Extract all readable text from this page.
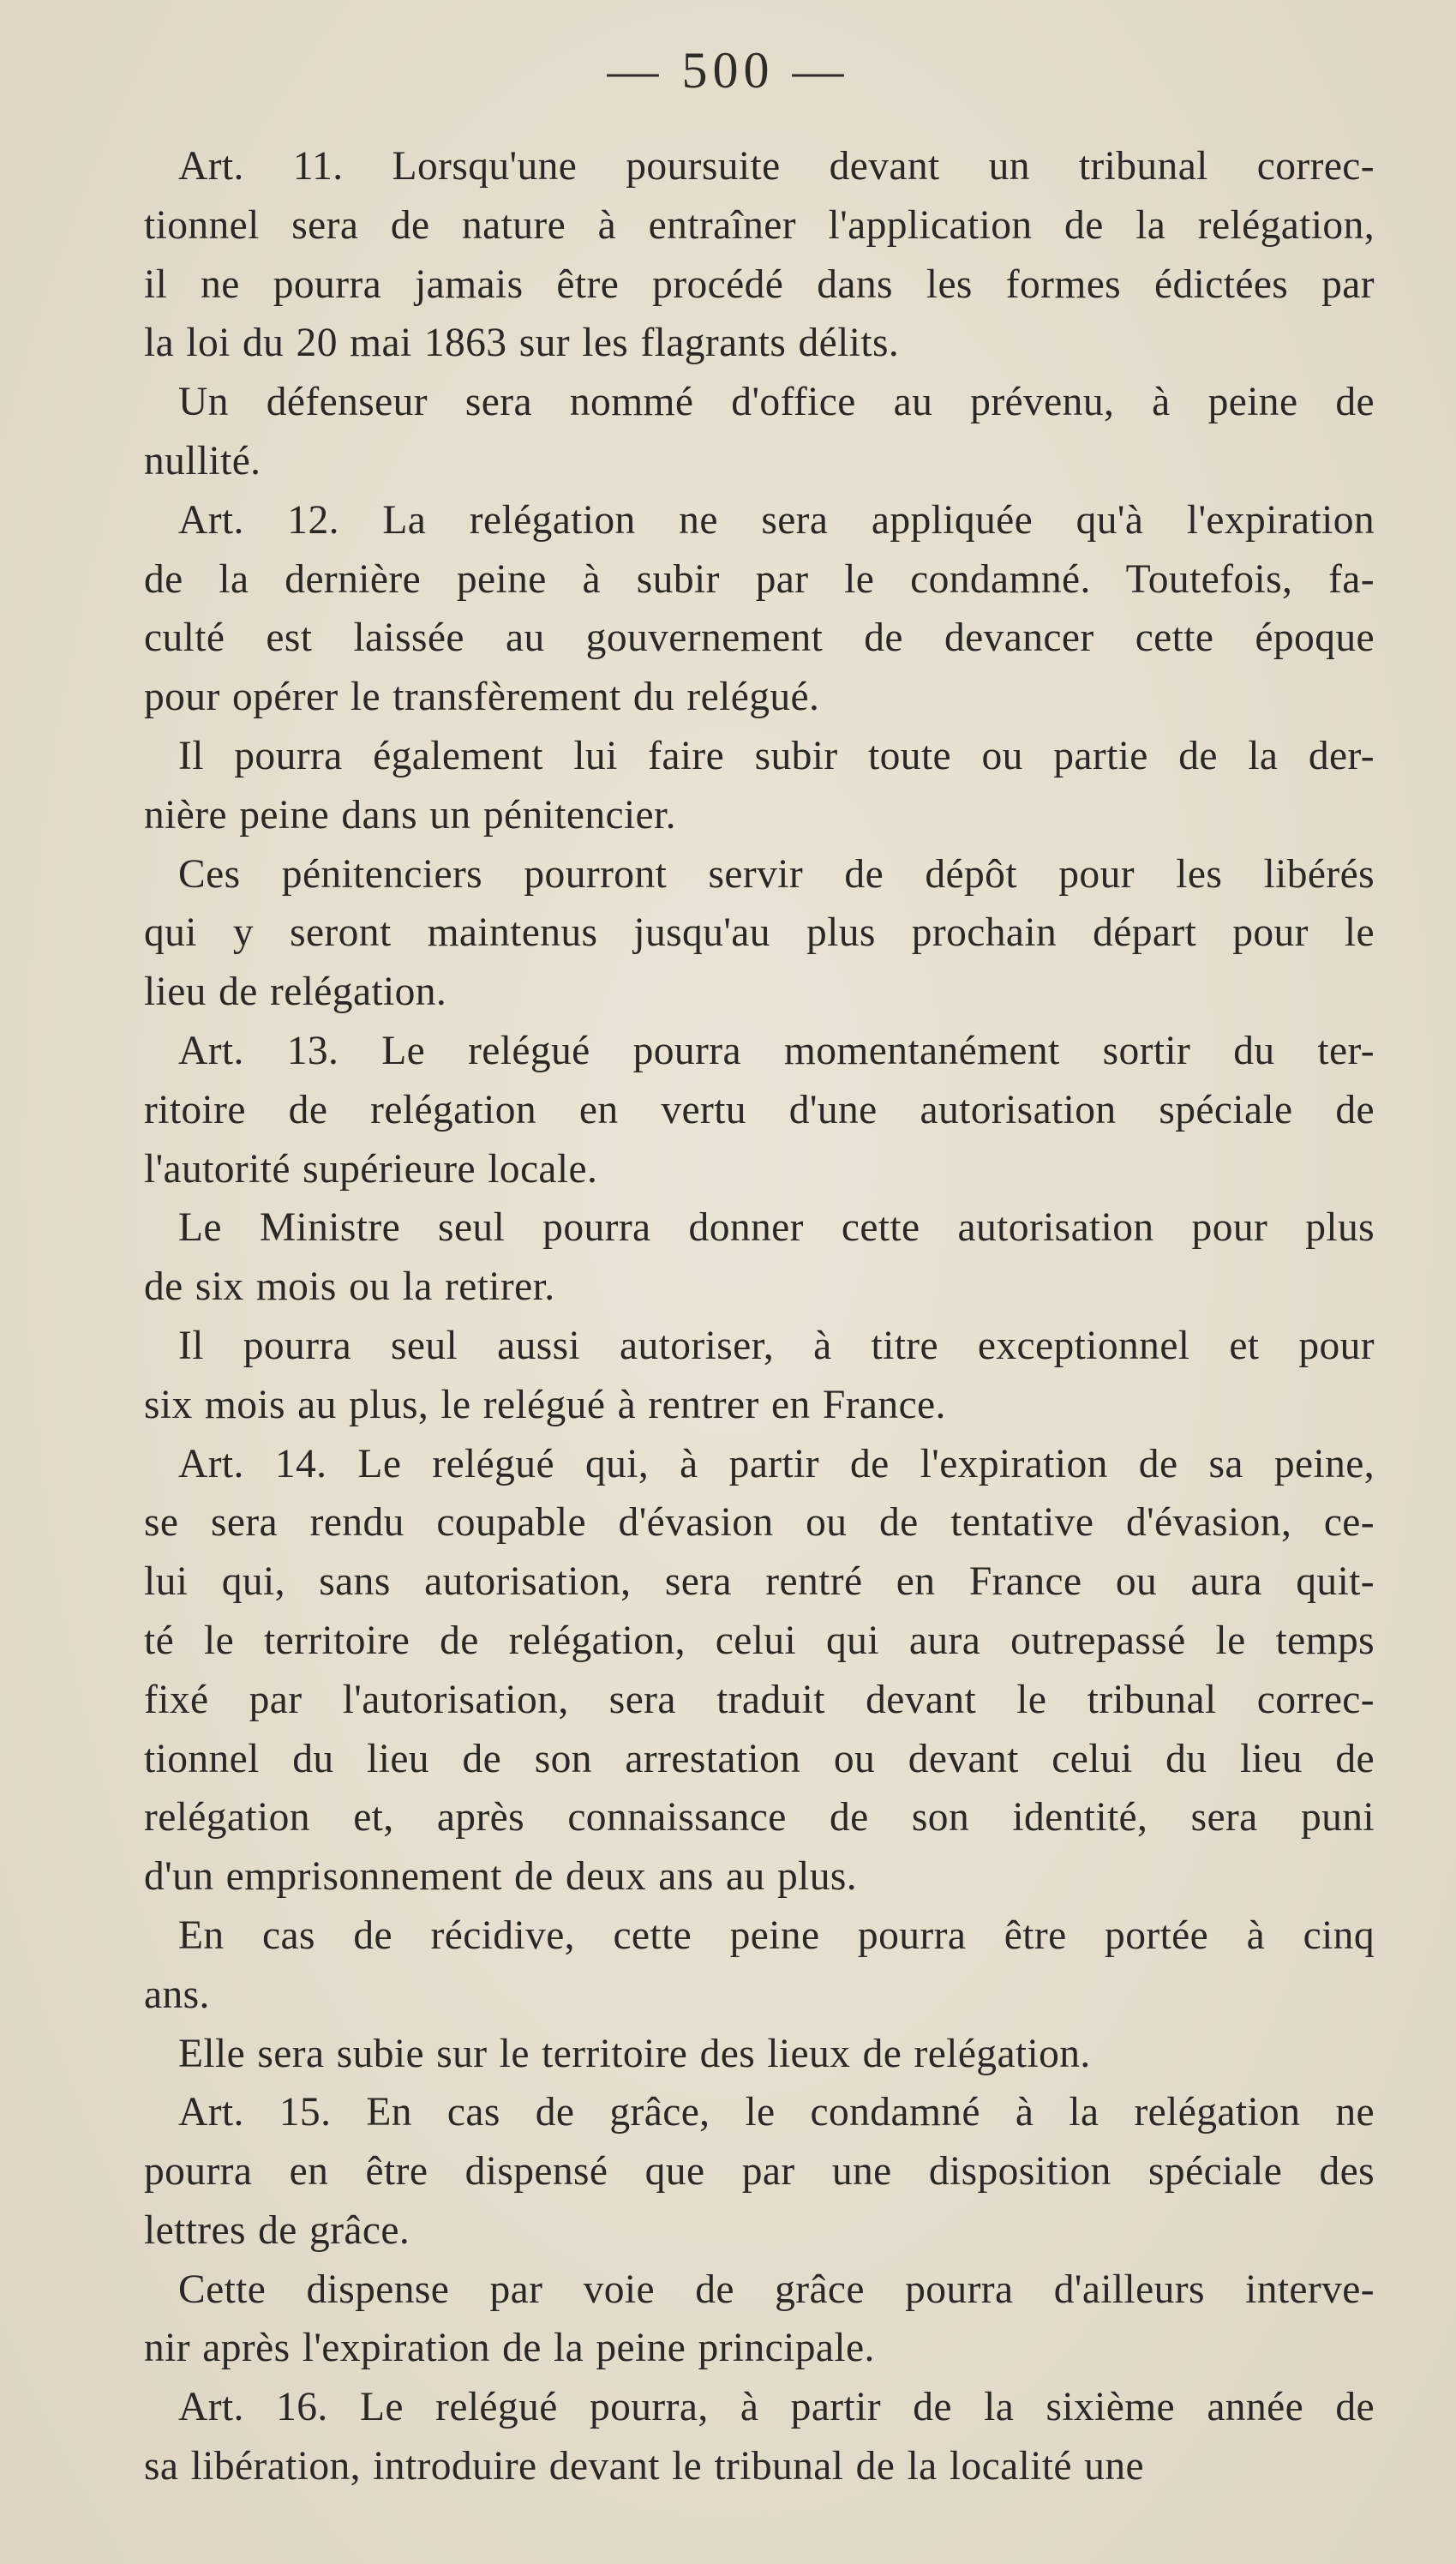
— 500 —

Art. 11. Lorsqu'une poursuite devant un tribunal correc-
tionnel sera de nature à entraîner l'application de la relégation,
il ne pourra jamais être procédé dans les formes édictées par
la loi du 20 mai 1863 sur les flagrants délits.

Un défenseur sera nommé d'office au prévenu, à peine de
nullité.

Art. 12. La relégation ne sera appliquée qu'à l'expiration
de la dernière peine à subir par le condamné. Toutefois, fa-
culté est laissée au gouvernement de devancer cette époque
pour opérer le transfèrement du relégué.

Il pourra également lui faire subir toute ou partie de la der-
nière peine dans un pénitencier.

Ces pénitenciers pourront servir de dépôt pour les libérés
qui y seront maintenus jusqu'au plus prochain départ pour le
lieu de relégation.

Art. 13. Le relégué pourra momentanément sortir du ter-
ritoire de relégation en vertu d'une autorisation spéciale de
l'autorité supérieure locale.

Le Ministre seul pourra donner cette autorisation pour plus
de six mois ou la retirer.

Il pourra seul aussi autoriser, à titre exceptionnel et pour
six mois au plus, le relégué à rentrer en France.

Art. 14. Le relégué qui, à partir de l'expiration de sa peine,
se sera rendu coupable d'évasion ou de tentative d'évasion, ce-
lui qui, sans autorisation, sera rentré en France ou aura quit-
té le territoire de relégation, celui qui aura outrepassé le temps
fixé par l'autorisation, sera traduit devant le tribunal correc-
tionnel du lieu de son arrestation ou devant celui du lieu de
relégation et, après connaissance de son identité, sera puni
d'un emprisonnement de deux ans au plus.

En cas de récidive, cette peine pourra être portée à cinq
ans.

Elle sera subie sur le territoire des lieux de relégation.

Art. 15. En cas de grâce, le condamné à la relégation ne
pourra en être dispensé que par une disposition spéciale des
lettres de grâce.

Cette dispense par voie de grâce pourra d'ailleurs interve-
nir après l'expiration de la peine principale.

Art. 16. Le relégué pourra, à partir de la sixième année de
sa libération, introduire devant le tribunal de la localité une
